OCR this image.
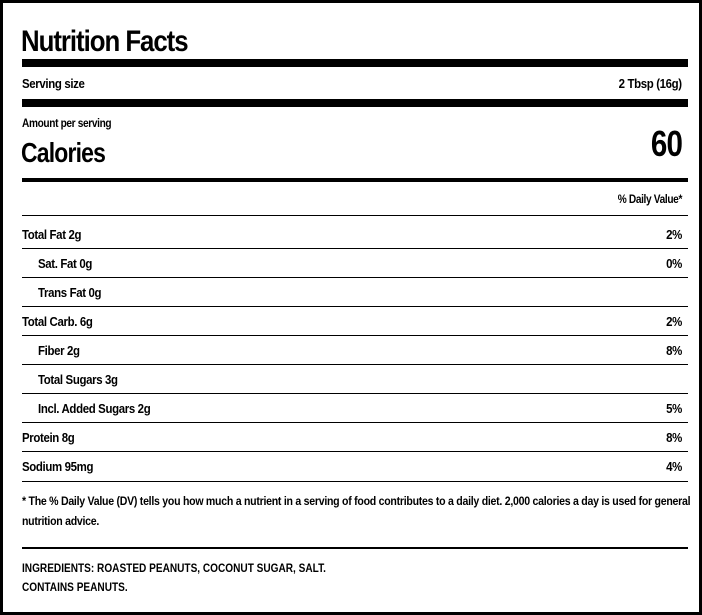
Nutrition Facts
Serving size	2 Tbsp (16g)
Amount per serving
Calories	60
% Daily Value*
Total Fat 2g	2%
Sat. Fat 0g	0%
Trans Fat 0g
Total Carb. 6g	2%
Fiber 2g	8%
Total Sugars 3g
Incl. Added Sugars 2g	5%
Protein 8g	8%
Sodium 95mg	4%
* The % Daily Value (DV) tells you how much a nutrient in a serving of food contributes to a daily diet. 2,000 calories a day is used for general nutrition advice.
INGREDIENTS: ROASTED PEANUTS, COCONUT SUGAR, SALT.
CONTAINS PEANUTS.
